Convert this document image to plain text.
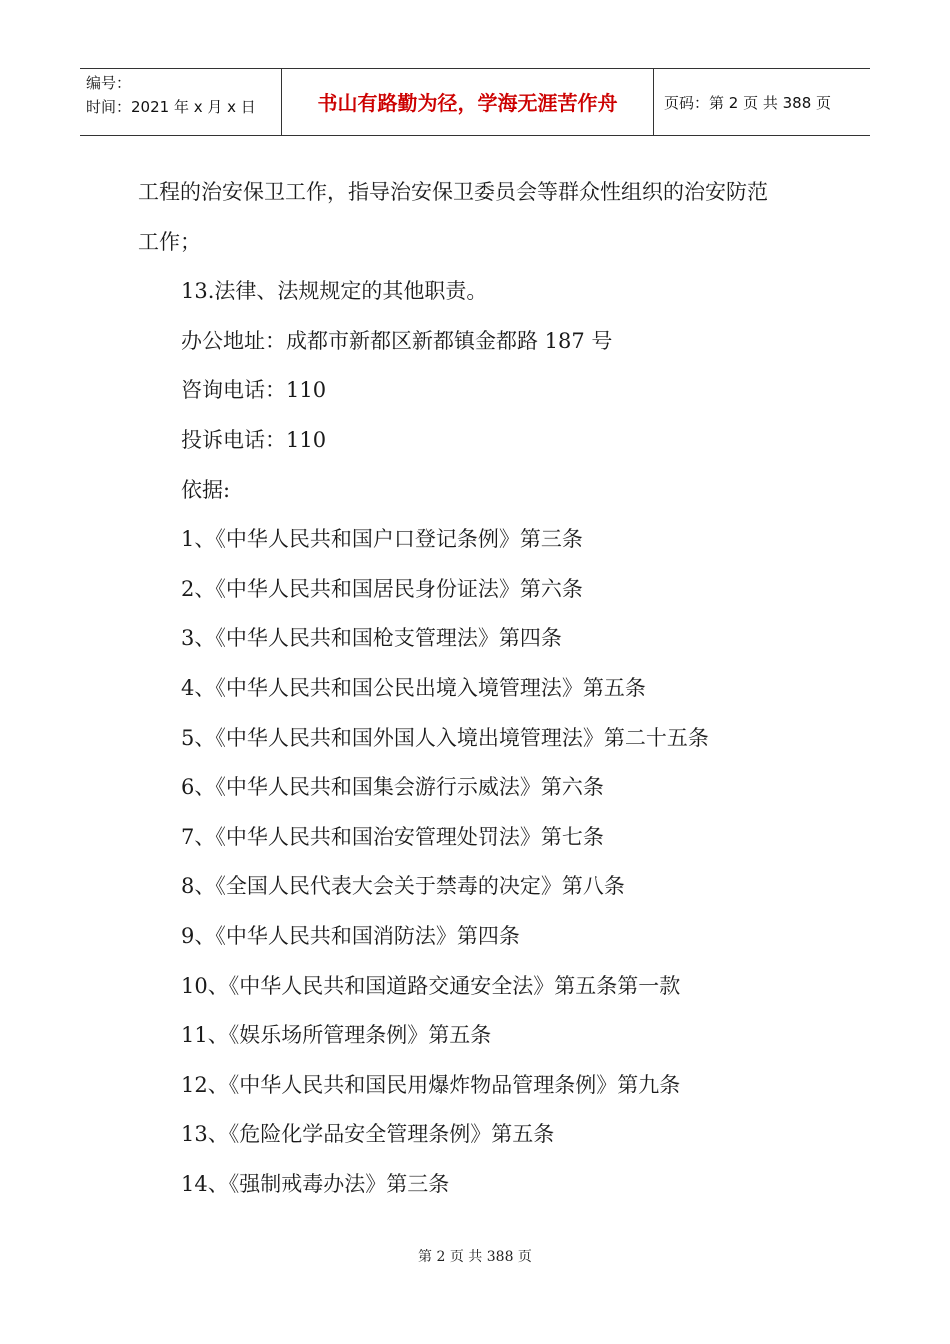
编号：
时间：2021 年 x 月 x 日	书山有路勤为径，学海无涯苦作舟	页码：第 2 页 共 388 页

工程的治安保卫工作，指导治安保卫委员会等群众性组织的治安防范

工作；

13.法律、法规规定的其他职责。

办公地址：成都市新都区新都镇金都路 187 号

咨询电话：110

投诉电话：110

依据:

1、《中华人民共和国户口登记条例》第三条

2、《中华人民共和国居民身份证法》第六条

3、《中华人民共和国枪支管理法》第四条

4、《中华人民共和国公民出境入境管理法》第五条

5、《中华人民共和国外国人入境出境管理法》第二十五条

6、《中华人民共和国集会游行示威法》第六条

7、《中华人民共和国治安管理处罚法》第七条

8、《全国人民代表大会关于禁毒的决定》第八条

9、《中华人民共和国消防法》第四条

10、《中华人民共和国道路交通安全法》第五条第一款

11、《娱乐场所管理条例》第五条

12、《中华人民共和国民用爆炸物品管理条例》第九条

13、《危险化学品安全管理条例》第五条

14、《强制戒毒办法》第三条

第 2 页 共 388 页
